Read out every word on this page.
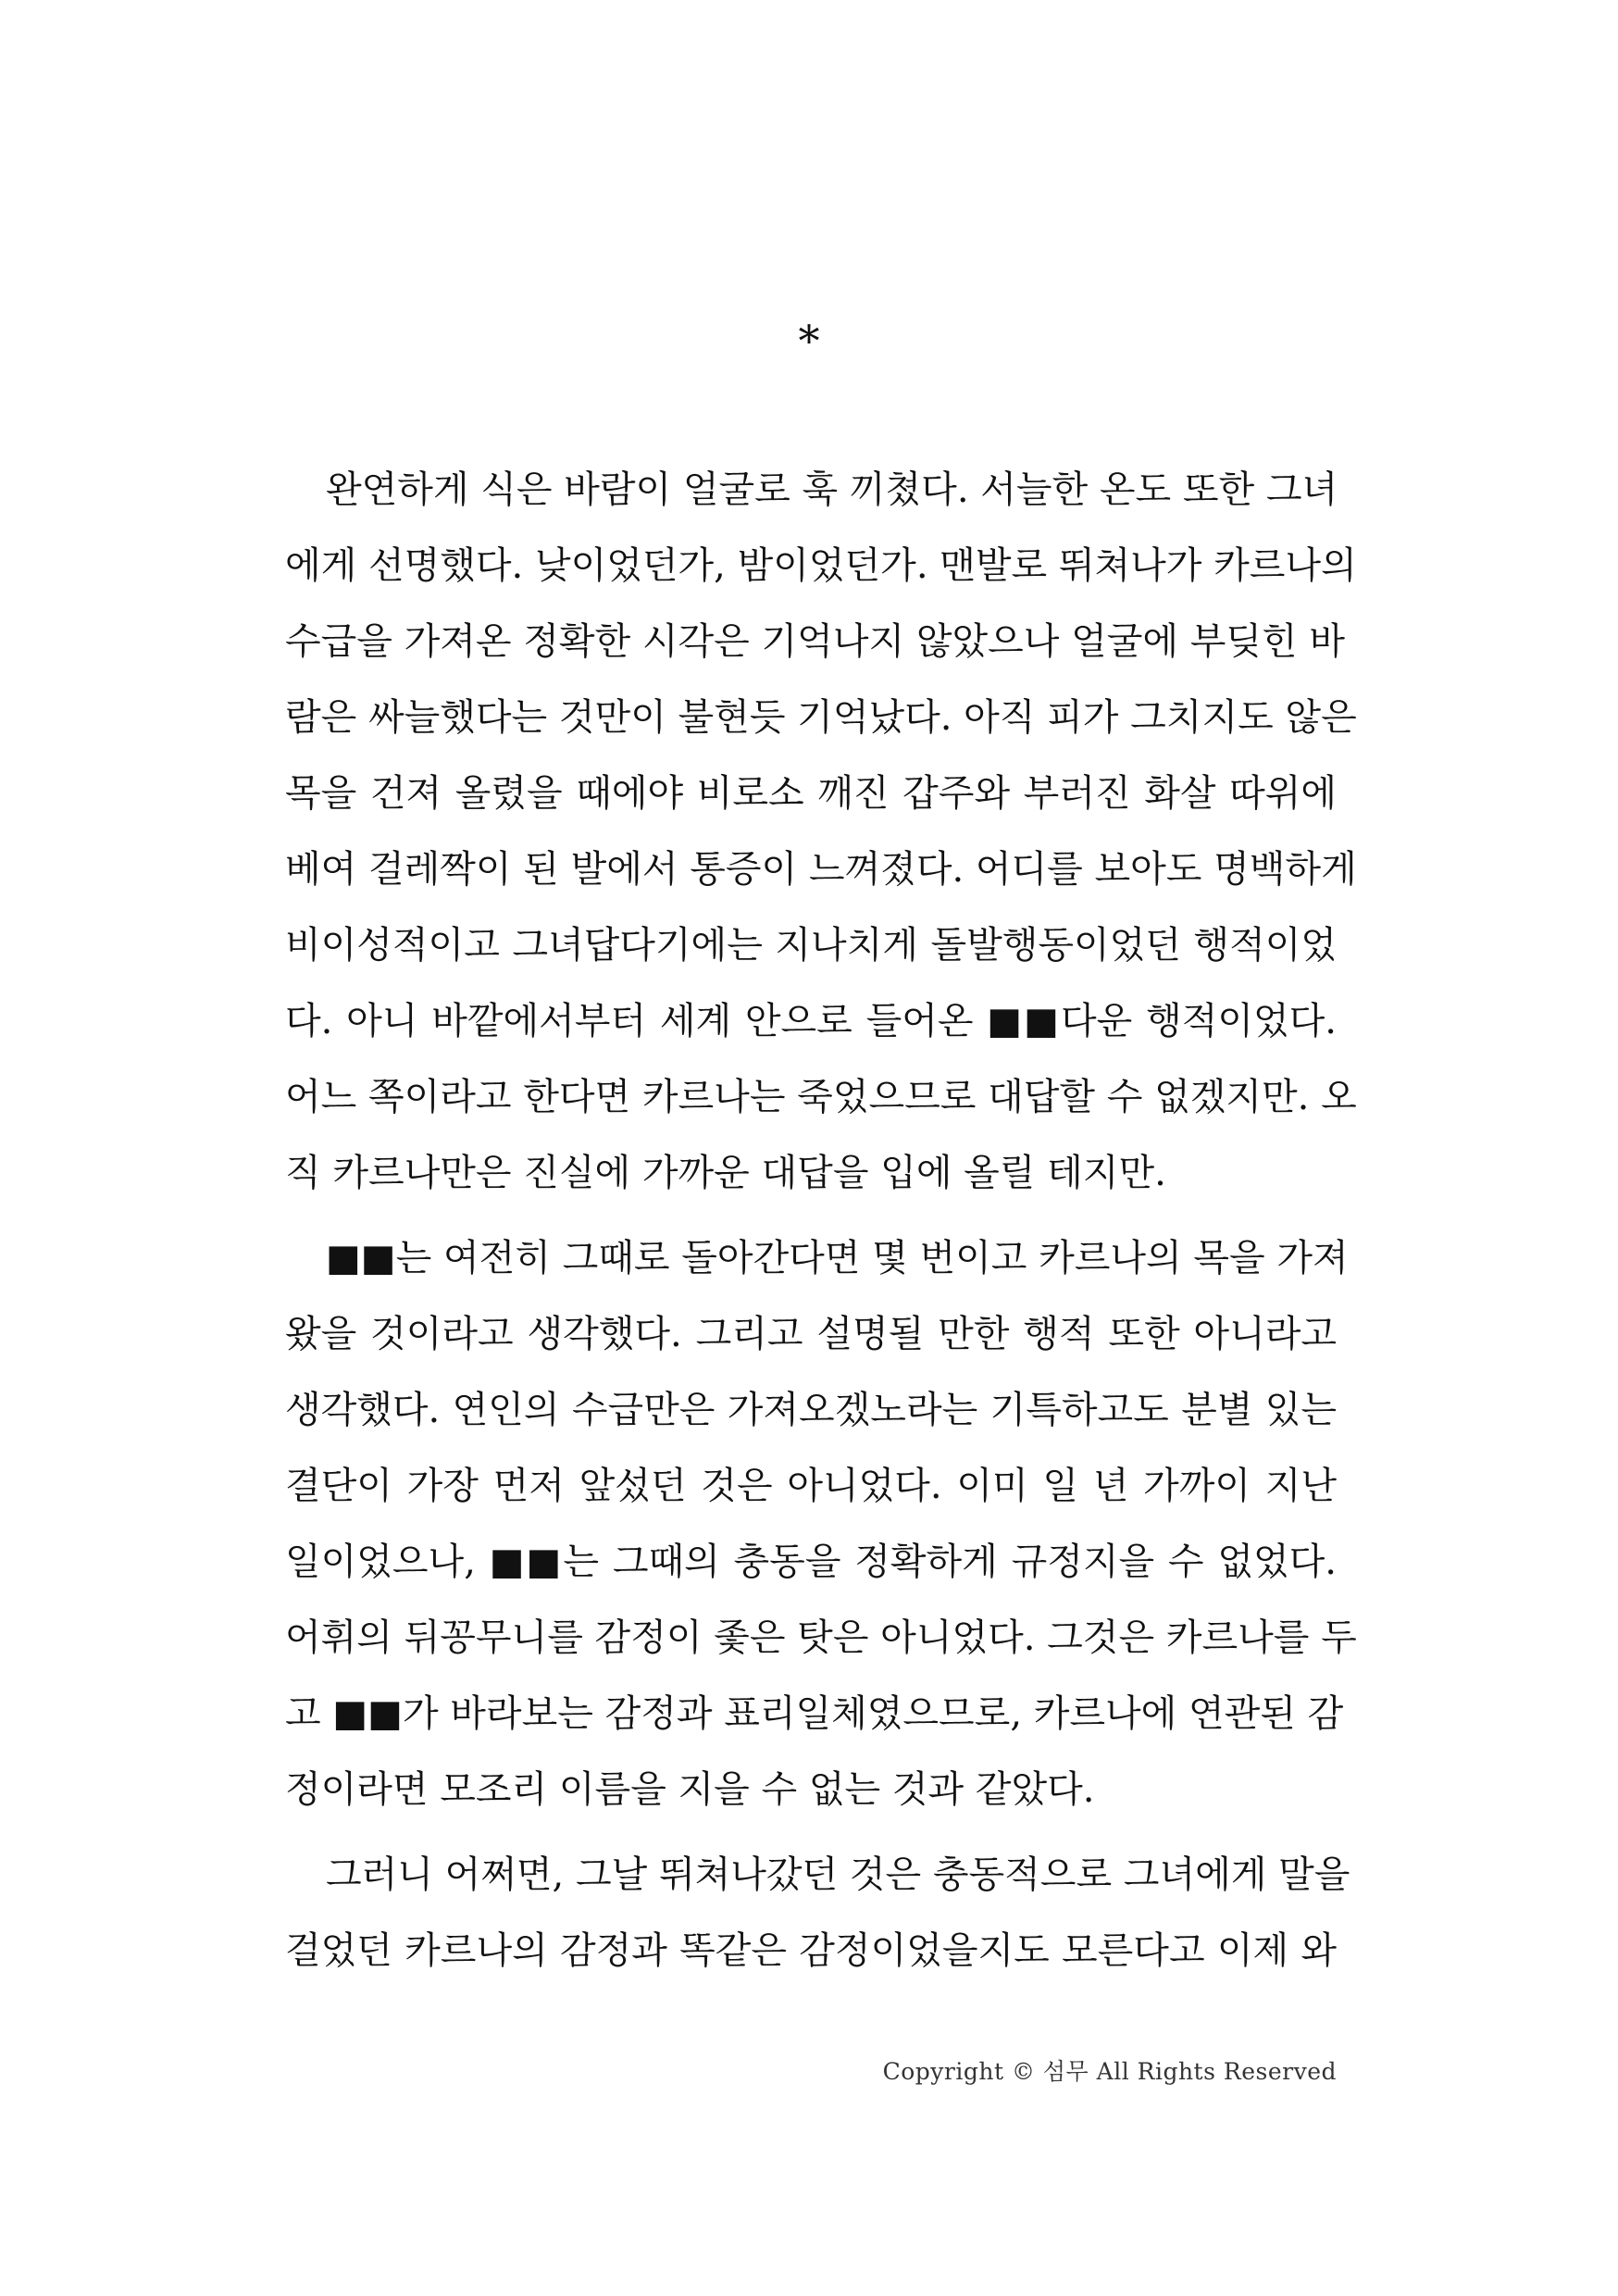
*
완연하게 식은 바람이 얼굴로 훅 끼쳤다. 서늘한 온도 또한 그녀
에게 선명했다. 낮이었던가, 밤이었던가. 맨발로 뛰쳐나가 카르나의
수급을 가져온 정확한 시각은 기억나지 않았으나 얼굴에 부딪힌 바
람은 싸늘했다는 것만이 불현듯 기억났다. 아직 피가 그치지도 않은
목을 건져 올렸을 때에야 비로소 깨진 갑주와 부러진 화살 따위에
베여 걸레짝이 된 발에서 통증이 느껴졌다. 어디를 보아도 명백하게
비이성적이고 그녀답다기에는 지나치게 돌발행동이었던 행적이었
다. 아니 바깥에서부터 세계 안으로 들어온 ■■다운 행적이었다.
어느 쪽이라고 한다면 카르나는 죽었으므로 대답할 수 없겠지만. 오
직 카르나만은 진실에 가까운 대답을 입에 올릴 테지만.
■■는 여전히 그때로 돌아간다면 몇 번이고 카르나의 목을 가져
왔을 것이라고 생각했다. 그리고 설명될 만한 행적 또한 아니라고
생각했다. 연인의 수급만은 가져오겠노라는 기특하고도 분별 있는
결단이 가장 먼저 앞섰던 것은 아니었다. 이미 일 년 가까이 지난
일이었으나, ■■는 그때의 충동을 정확하게 규정지을 수 없었다.
어휘의 뒤꽁무니를 감정이 좇은 탓은 아니었다. 그것은 카르나를 두
고 ■■가 바라보는 감정과 표리일체였으므로, 카르나에 연관된 감
정이라면 모조리 이름을 지을 수 없는 것과 같았다.
그러니 어쩌면, 그날 뛰쳐나갔던 것은 충동적으로 그녀에게 말을
걸었던 카르나의 감정과 똑같은 감정이었을지도 모른다고 이제 와
Copyright © 섬무 All Rights Reserved
